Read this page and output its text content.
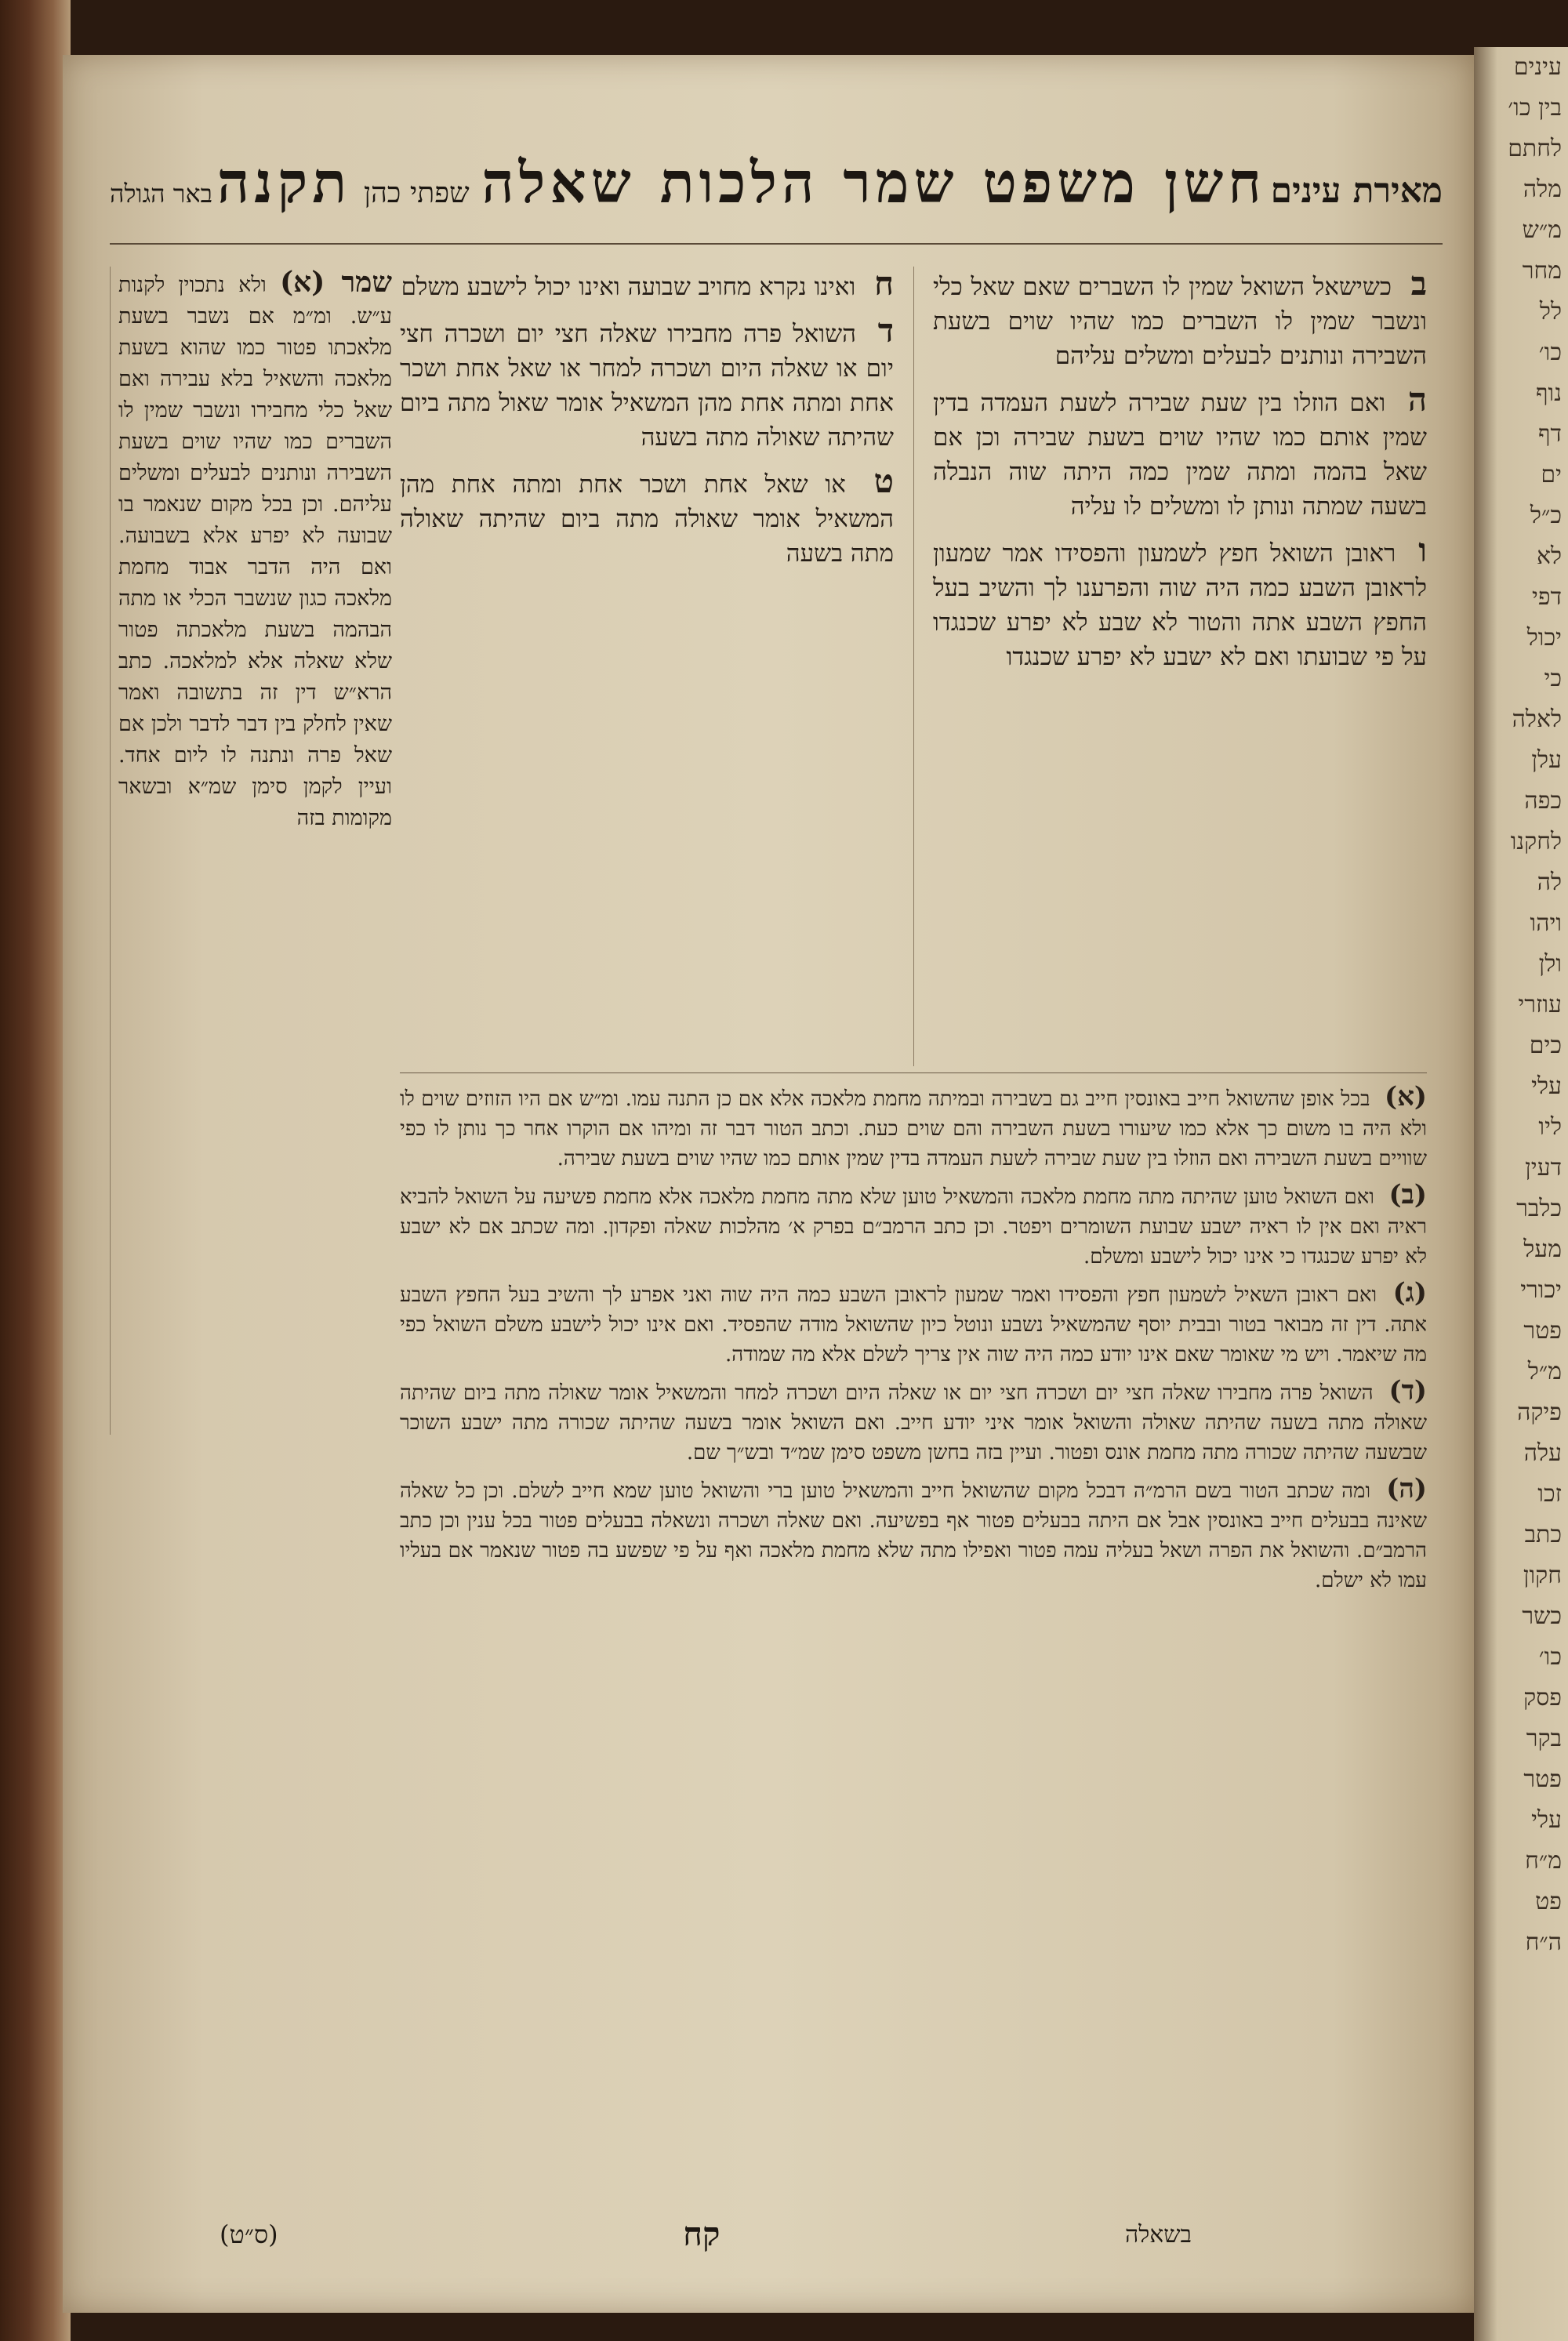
מאירת עינים
חשן משפט שמר הלכות שאלה
שפתי כהן
תקנה
באר הגולה
ב כשישאל השואל שמין לו השברים שאם שאל כלי ונשבר שמין לו השברים כמו שהיו שוים בשעת השבירה ונותנים לבעלים ומשלים עליהם
ה ואם הוזלו בין שעת שבירה לשעת העמדה בדין שמין אותם כמו שהיו שוים בשעת שבירה וכן אם שאל בהמה ומתה שמין כמה היתה שוה הנבלה בשעה שמתה ונותן לו ומשלים לו עליה
ו ראובן השואל חפץ לשמעון והפסידו אמר שמעון לראובן השבע כמה היה שוה והפרענו לך והשיב בעל החפץ השבע אתה והטור לא שבע לא יפרע שכנגדו על פי שבועתו ואם לא ישבע לא יפרע שכנגדו
ח ואינו נקרא מחויב שבועה ואינו יכול לישבע משלם
ד השואל פרה מחבירו שאלה חצי יום ושכרה חצי יום או שאלה היום ושכרה למחר או שאל אחת ושכר אחת ומתה אחת מהן המשאיל אומר שאול מתה ביום שהיתה שאולה מתה בשעה
ט או שאל אחת ושכר אחת ומתה אחת מהן המשאיל אומר שאולה מתה ביום שהיתה שאולה מתה בשעה
שמר (א) ולא נתכוין לקנות ע״ש. ומ״מ אם נשבר בשעת מלאכתו פטור כמו שהוא בשעת מלאכה והשאיל בלא עבירה ואם שאל כלי מחבירו ונשבר שמין לו השברים כמו שהיו שוים בשעת השבירה ונותנים לבעלים ומשלים עליהם. וכן בכל מקום שנאמר בו שבועה לא יפרע אלא בשבועה. ואם היה הדבר אבוד מחמת מלאכה כגון שנשבר הכלי או מתה הבהמה בשעת מלאכתה פטור שלא שאלה אלא למלאכה. כתב הרא״ש דין זה בתשובה ואמר שאין לחלק בין דבר לדבר ולכן אם שאל פרה ונתנה לו ליום אחד. ועיין לקמן סימן שמ״א ובשאר מקומות בזה

(א) בכל אופן שהשואל חייב באונסין חייב גם בשבירה ובמיתה מחמת מלאכה אלא אם כן התנה עמו. ומ״ש אם היו הזוזים שוים לו ולא היה בו משום כך אלא כמו שיעורו בשעת השבירה והם שוים כעת. וכתב הטור דבר זה ומיהו אם הוקרו אחר כך נותן לו כפי שוויים בשעת השבירה ואם הוזלו בין שעת שבירה לשעת העמדה בדין שמין אותם כמו שהיו שוים בשעת שבירה.

(ב) ואם השואל טוען שהיתה מתה מחמת מלאכה והמשאיל טוען שלא מתה מחמת מלאכה אלא מחמת פשיעה על השואל להביא ראיה ואם אין לו ראיה ישבע שבועת השומרים ויפטר. וכן כתב הרמב״ם בפרק א׳ מהלכות שאלה ופקדון. ומה שכתב אם לא ישבע לא יפרע שכנגדו כי אינו יכול לישבע ומשלם.

(ג) ואם ראובן השאיל לשמעון חפץ והפסידו ואמר שמעון לראובן השבע כמה היה שוה ואני אפרע לך והשיב בעל החפץ השבע אתה. דין זה מבואר בטור ובבית יוסף שהמשאיל נשבע ונוטל כיון שהשואל מודה שהפסיד. ואם אינו יכול לישבע משלם השואל כפי מה שיאמר. ויש מי שאומר שאם אינו יודע כמה היה שוה אין צריך לשלם אלא מה שמודה.

(ד) השואל פרה מחבירו שאלה חצי יום ושכרה חצי יום או שאלה היום ושכרה למחר והמשאיל אומר שאולה מתה ביום שהיתה שאולה מתה בשעה שהיתה שאולה והשואל אומר איני יודע חייב. ואם השואל אומר בשעה שהיתה שכורה מתה ישבע השוכר שבשעה שהיתה שכורה מתה מחמת אונס ופטור. ועיין בזה בחשן משפט סימן שמ״ד ובש״ך שם.

(ה) ומה שכתב הטור בשם הרמ״ה דבכל מקום שהשואל חייב והמשאיל טוען ברי והשואל טוען שמא חייב לשלם. וכן כל שאלה שאינה בבעלים חייב באונסין אבל אם היתה בבעלים פטור אף בפשיעה. ואם שאלה ושכרה ונשאלה בבעלים פטור בכל ענין וכן כתב הרמב״ם. והשואל את הפרה ושאל בעליה עמה פטור ואפילו מתה שלא מחמת מלאכה ואף על פי שפשע בה פטור שנאמר אם בעליו עמו לא ישלם.

בשאלה
קח
(ס״ט)
עינים
בין כו׳
לחתם
מלה
מ״ש
מחר
לל
כו׳
נוף
דף
ים
כ״ל
לא
דפי
יכול
כי
לאלה
עלן
כפה
לחקנו
לה
ויהו
ולן
עוזרי
כים
עלי
ליו
דעין
כלבר
מעל
יכורי
פטר
מ״ל
פיקה
עלה
זכו
כתב
חקון
כשר
כו׳
פסק
בקר
פטר
עלי
מ״ח
פט
ה״ח
